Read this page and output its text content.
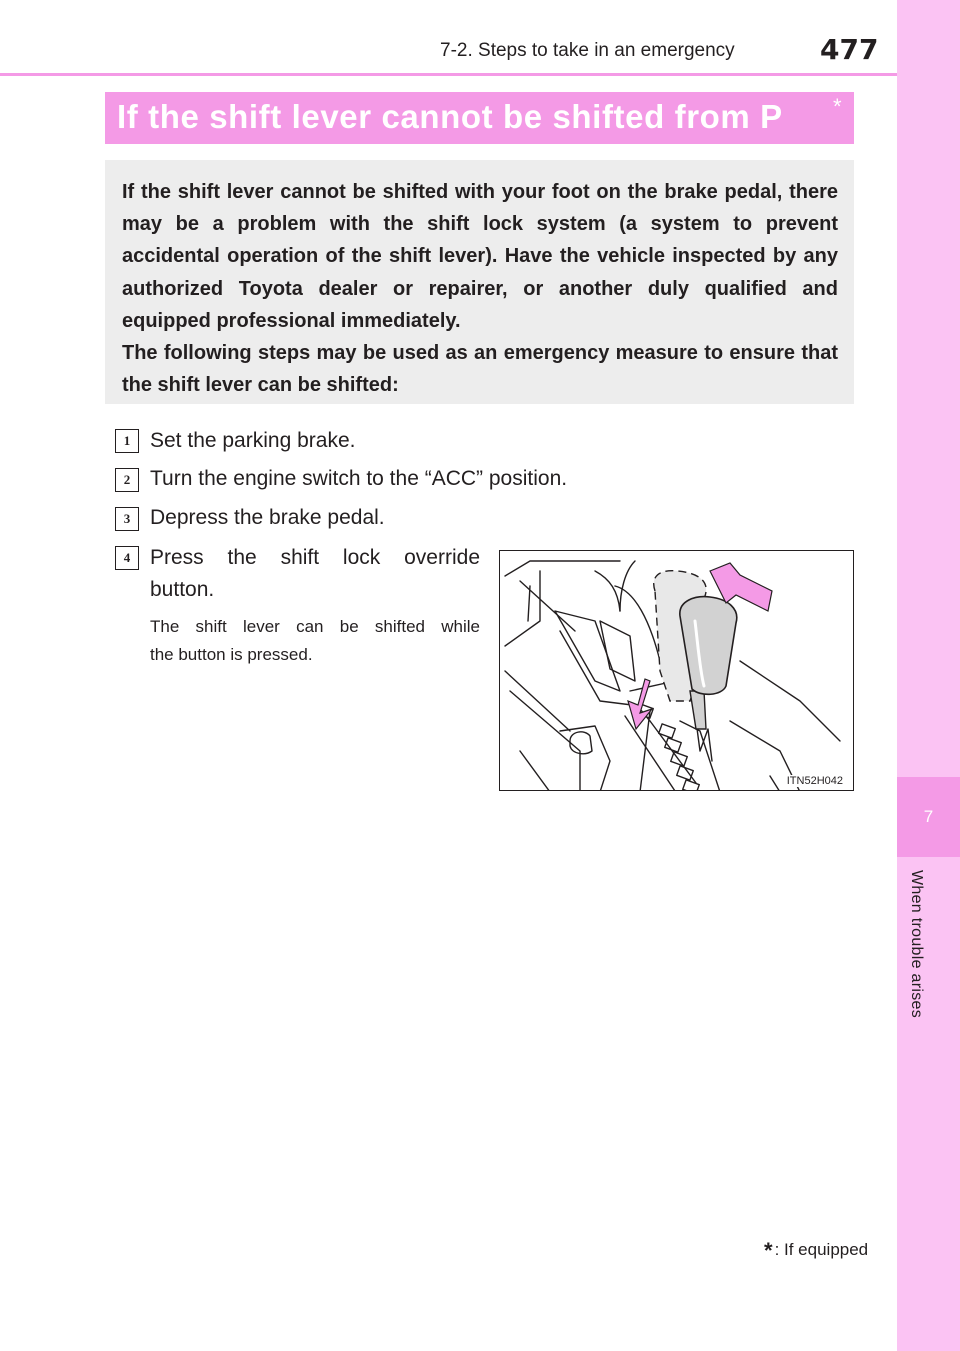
7
When trouble arises
7-2. Steps to take in an emergency	477
If the shift lever cannot be shifted from P *

If the shift lever cannot be shifted with your foot on the brake pedal, there may be a problem with the shift lock system (a system to prevent accidental operation of the shift lever). Have the vehicle inspected by any authorized Toyota dealer or repairer, or another duly qualified and equipped professional immediately.
The following steps may be used as an emergency measure to ensure that the shift lever can be shifted:

1 Set the parking brake.
2 Turn the engine switch to the “ACC” position.
3 Depress the brake pedal.
4 Press the shift lock override
button.
The shift lever can be shifted while
the button is pressed.
ITN52H042
* : If equipped
